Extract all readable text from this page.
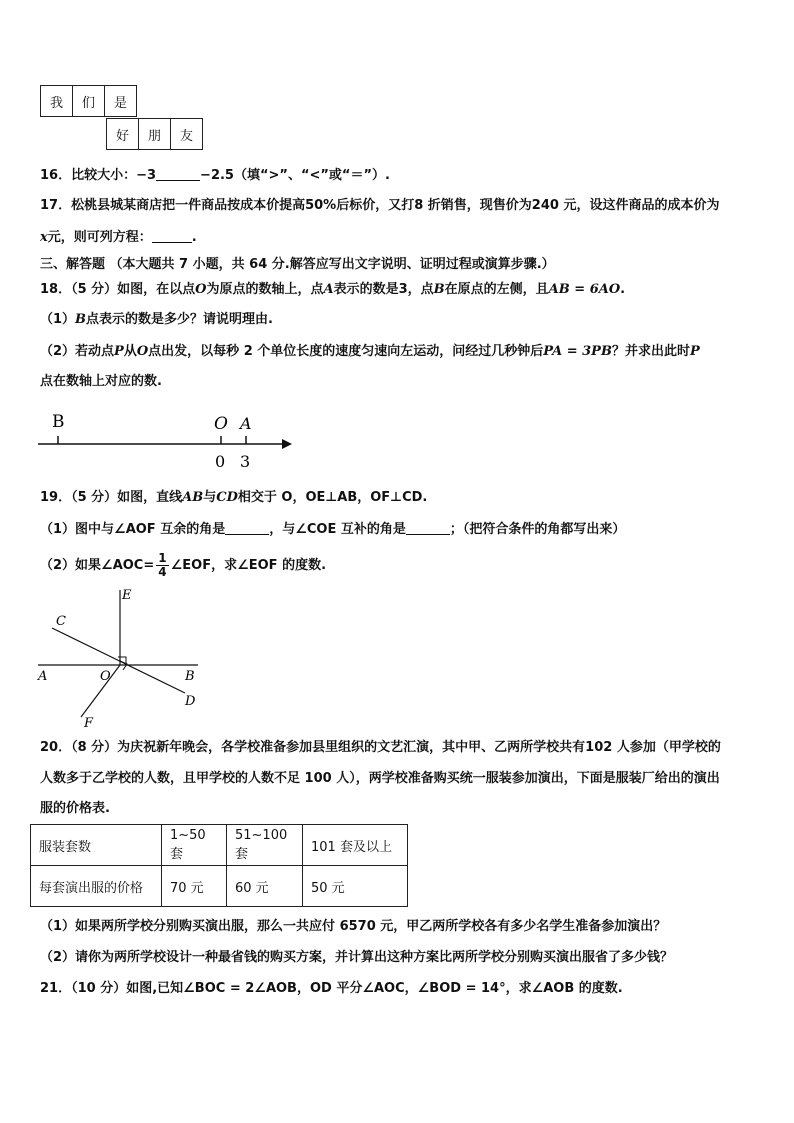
我	们	是
好	朋	友
16．比较大小：−3	−2.5（填“>”、“<”或“＝”）.
17．松桃县城某商店把一件商品按成本价提高50%后标价，又打8 折销售，现售价为240 元，设这件商品的成本价为
x元，则可列方程：	.
三、解答题 （本大题共 7 小题，共 64 分.解答应写出文字说明、证明过程或演算步骤.）
18．（5 分）如图，在以点O为原点的数轴上，点A表示的数是3，点B在原点的左侧，且AB = 6AO.
（1）B点表示的数是多少？请说明理由.
（2）若动点P从O点出发，以每秒 2 个单位长度的速度匀速向左运动，问经过几秒钟后PA = 3PB？并求出此时P
点在数轴上对应的数.
B	O A
0 3
19．（5 分）如图，直线AB与CD相交于 O，OE⊥AB，OF⊥CD.
（1）图中与∠AOF 互余的角是	，与∠COE 互补的角是	；（把符合条件的角都写出来）
（2）如果∠AOC= $\frac{1}{4}$ ∠EOF，求∠EOF 的度数.
C
E
A	O	B
D
F
20．（8 分）为庆祝新年晚会，各学校准备参加县里组织的文艺汇演，其中甲、乙两所学校共有102 人参加（甲学校的
人数多于乙学校的人数，且甲学校的人数不足 100 人），两学校准备购买统一服装参加演出，下面是服装厂给出的演出
服的价格表.
服装套数	1~50 套	51~100 套	101 套及以上
每套演出服的价格	70 元	60 元	50 元
（1）如果两所学校分别购买演出服，那么一共应付 6570 元，甲乙两所学校各有多少名学生准备参加演出？
（2）请你为两所学校设计一种最省钱的购买方案，并计算出这种方案比两所学校分别购买演出服省了多少钱？
21．（10 分）如图,已知∠BOC = 2∠AOB，OD 平分∠AOC，∠BOD = 14°，求∠AOB 的度数.
